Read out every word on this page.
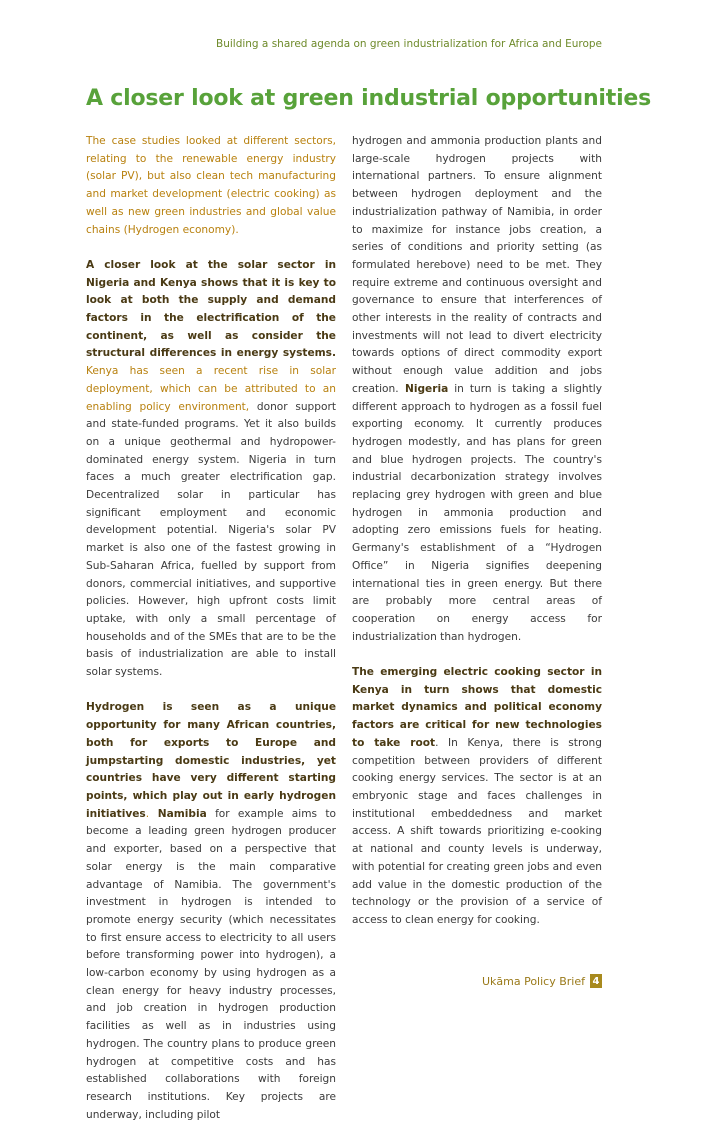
Building a shared agenda on green industrialization for Africa and Europe
A closer look at green industrial opportunities

The case studies looked at different sectors, relating to the renewable energy industry (solar PV), but also clean tech manufacturing and market development (electric cooking) as well as new green industries and global value chains (Hydrogen economy).

A closer look at the solar sector in Nigeria and Kenya shows that it is key to look at both the supply and demand factors in the electrification of the continent, as well as consider the structural differences in energy systems. Kenya has seen a recent rise in solar deployment, which can be attributed to an enabling policy environment, donor support and state-funded programs. Yet it also builds on a unique geothermal and hydropower-dominated energy system. Nigeria in turn faces a much greater electrification gap. Decentralized solar in particular has significant employment and economic development potential. Nigeria's solar PV market is also one of the fastest growing in Sub-Saharan Africa, fuelled by support from donors, commercial initiatives, and supportive policies. However, high upfront costs limit uptake, with only a small percentage of households and of the SMEs that are to be the basis of industrialization are able to install solar systems.

Hydrogen is seen as a unique opportunity for many African countries, both for exports to Europe and jumpstarting domestic industries, yet countries have very different starting points, which play out in early hydrogen initiatives. Namibia for example aims to become a leading green hydrogen producer and exporter, based on a perspective that solar energy is the main comparative advantage of Namibia. The government's investment in hydrogen is intended to promote energy security (which necessitates to first ensure access to electricity to all users before transforming power into hydrogen), a low-carbon economy by using hydrogen as a clean energy for heavy industry processes, and job creation in hydrogen production facilities as well as in industries using hydrogen. The country plans to produce green hydrogen at competitive costs and has established collaborations with foreign research institutions. Key projects are underway, including pilot

hydrogen and ammonia production plants and large-scale hydrogen projects with international partners. To ensure alignment between hydrogen deployment and the industrialization pathway of Namibia, in order to maximize for instance jobs creation, a series of conditions and priority setting (as formulated herebove) need to be met. They require extreme and continuous oversight and governance to ensure that interferences of other interests in the reality of contracts and investments will not lead to divert electricity towards options of direct commodity export without enough value addition and jobs creation. Nigeria in turn is taking a slightly different approach to hydrogen as a fossil fuel exporting economy. It currently produces hydrogen modestly, and has plans for green and blue hydrogen projects. The country's industrial decarbonization strategy involves replacing grey hydrogen with green and blue hydrogen in ammonia production and adopting zero emissions fuels for heating. Germany's establishment of a “Hydrogen Office” in Nigeria signifies deepening international ties in green energy. But there are probably more central areas of cooperation on energy access for industrialization than hydrogen.

The emerging electric cooking sector in Kenya in turn shows that domestic market dynamics and political economy factors are critical for new technologies to take root. In Kenya, there is strong competition between providers of different cooking energy services. The sector is at an embryonic stage and faces challenges in institutional embeddedness and market access. A shift towards prioritizing e-cooking at national and county levels is underway, with potential for creating green jobs and even add value in the domestic production of the technology or the provision of a service of access to clean energy for cooking.

Ukāma Policy Brief 4
